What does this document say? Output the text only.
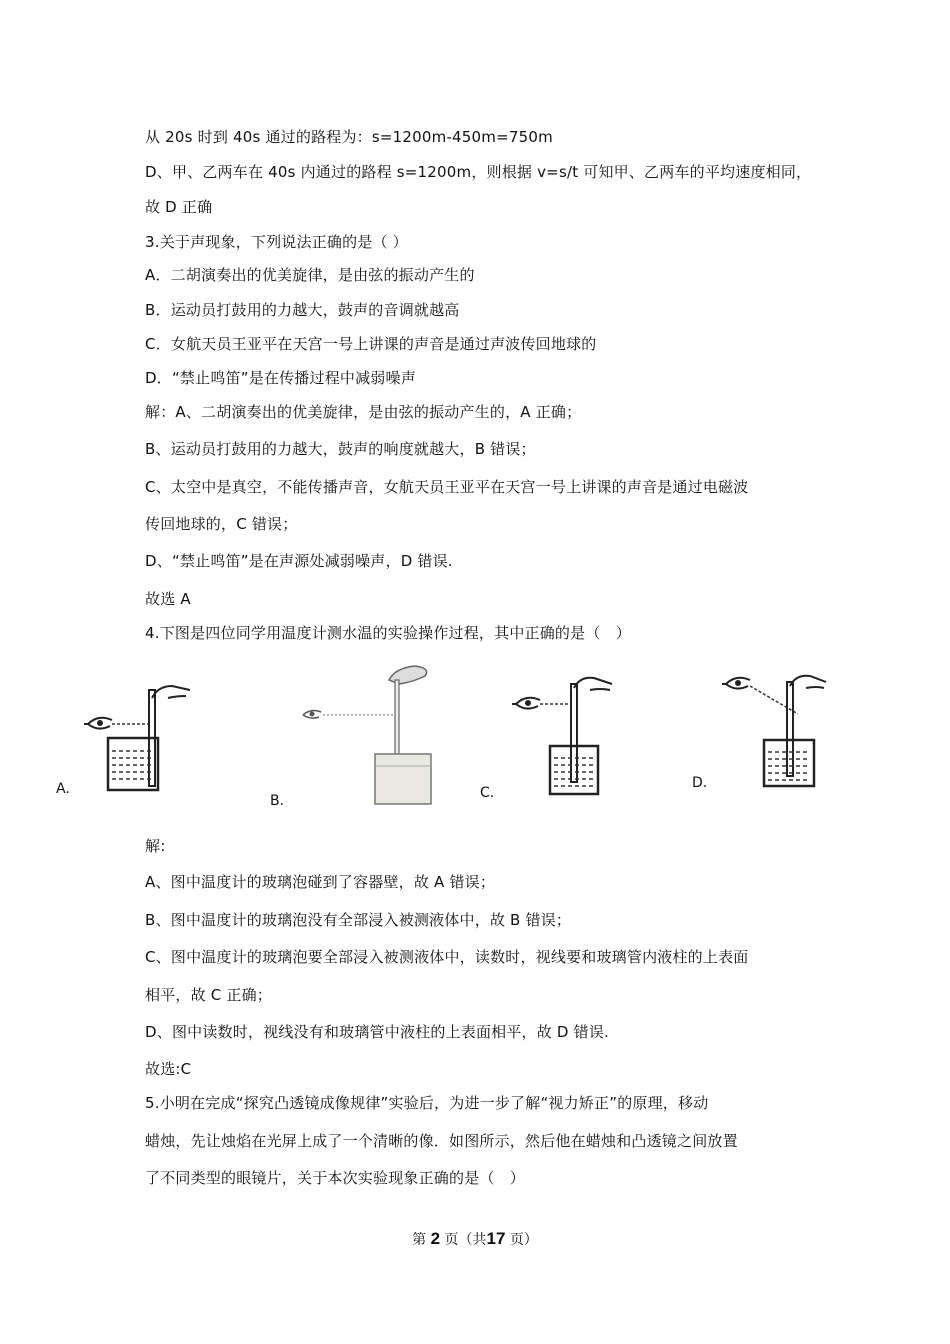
从 20s 时到 40s 通过的路程为：s=1200m-450m=750m
D、甲、乙两车在 40s 内通过的路程 s=1200m，则根据 v=s/t 可知甲、乙两车的平均速度相同，
故 D 正确
3.关于声现象，下列说法正确的是（ ）
A．二胡演奏出的优美旋律，是由弦的振动产生的
B．运动员打鼓用的力越大，鼓声的音调就越高
C．女航天员王亚平在天宫一号上讲课的声音是通过声波传回地球的
D．“禁止鸣笛”是在传播过程中减弱噪声
解：A、二胡演奏出的优美旋律，是由弦的振动产生的，A 正确；
B、运动员打鼓用的力越大，鼓声的响度就越大，B 错误；
C、太空中是真空，不能传播声音，女航天员王亚平在天宫一号上讲课的声音是通过电磁波
传回地球的，C 错误；
D、“禁止鸣笛”是在声源处减弱噪声，D 错误.
故选 A
4.下图是四位同学用温度计测水温的实验操作过程，其中正确的是（　）
A.
B.	C.
D.
解:
A、图中温度计的玻璃泡碰到了容器壁，故 A 错误；
B、图中温度计的玻璃泡没有全部浸入被测液体中，故 B 错误；
C、图中温度计的玻璃泡要全部浸入被测液体中，读数时，视线要和玻璃管内液柱的上表面
相平，故 C 正确；
D、图中读数时，视线没有和玻璃管中液柱的上表面相平，故 D 错误.
故选:C
5.小明在完成“探究凸透镜成像规律”实验后，为进一步了解“视力矫正”的原理，移动
蜡烛，先让烛焰在光屏上成了一个清晰的像．如图所示，然后他在蜡烛和凸透镜之间放置
了不同类型的眼镜片，关于本次实验现象正确的是（　）
第 2 页（共17 页）
